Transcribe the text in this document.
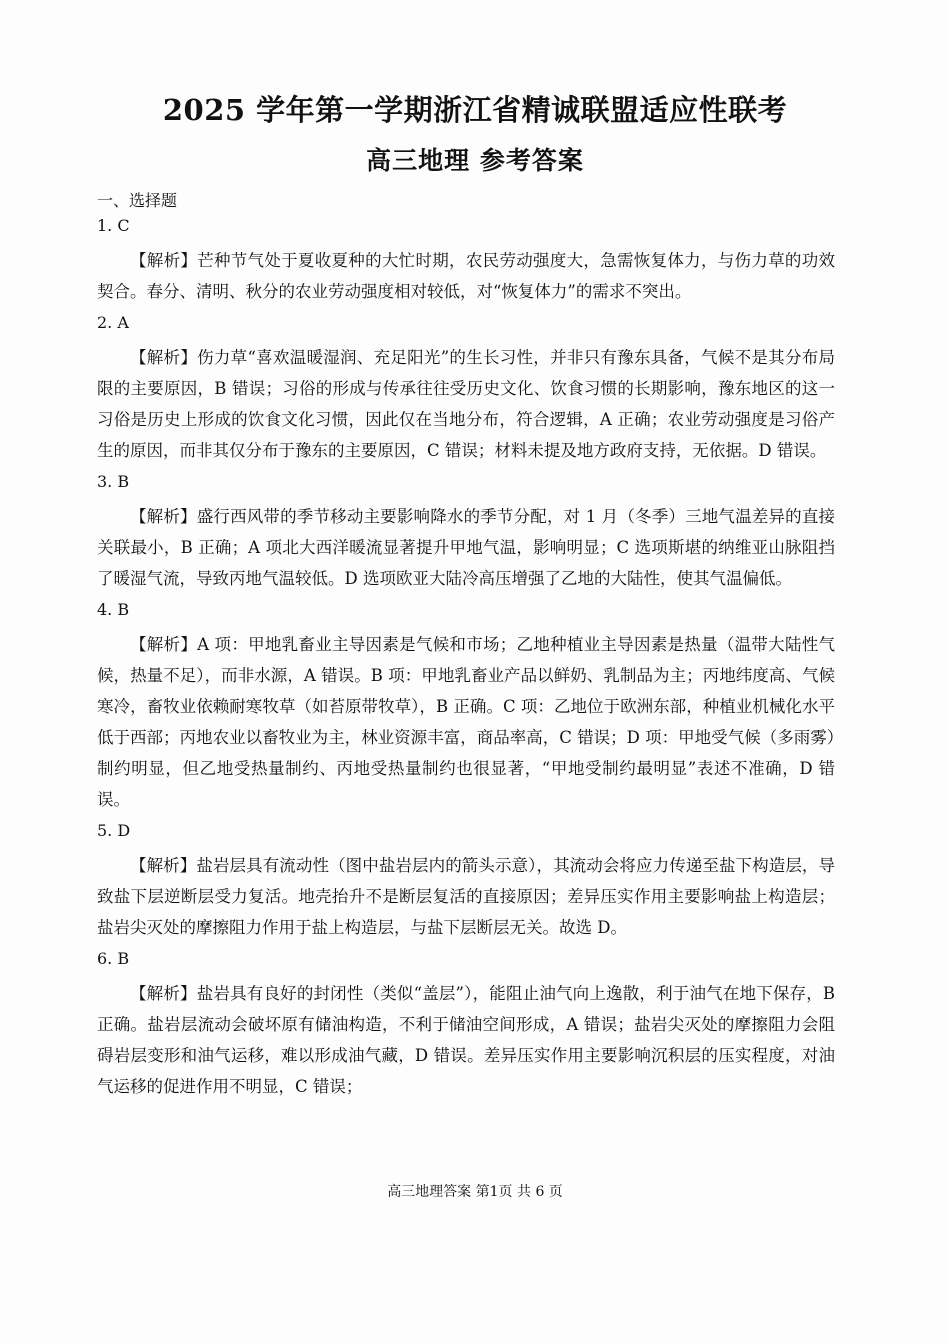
2025 学年第一学期浙江省精诚联盟适应性联考
高三地理 参考答案
一、选择题

1. C

【解析】芒种节气处于夏收夏种的大忙时期，农民劳动强度大，急需恢复体力，与伤力草的功效契合。春分、清明、秋分的农业劳动强度相对较低，对“恢复体力”的需求不突出。

2. A

【解析】伤力草“喜欢温暖湿润、充足阳光”的生长习性，并非只有豫东具备，气候不是其分布局限的主要原因，B 错误；习俗的形成与传承往往受历史文化、饮食习惯的长期影响，豫东地区的这一习俗是历史上形成的饮食文化习惯，因此仅在当地分布，符合逻辑，A 正确；农业劳动强度是习俗产生的原因，而非其仅分布于豫东的主要原因，C 错误；材料未提及地方政府支持，无依据。D 错误。

3. B

【解析】盛行西风带的季节移动主要影响降水的季节分配，对 1 月（冬季）三地气温差异的直接关联最小，B 正确；A 项北大西洋暖流显著提升甲地气温，影响明显；C 选项斯堪的纳维亚山脉阻挡了暖湿气流，导致丙地气温较低。D 选项欧亚大陆冷高压增强了乙地的大陆性，使其气温偏低。

4. B

【解析】A 项：甲地乳畜业主导因素是气候和市场；乙地种植业主导因素是热量（温带大陆性气候，热量不足），而非水源，A 错误。B 项：甲地乳畜业产品以鲜奶、乳制品为主；丙地纬度高、气候寒冷，畜牧业依赖耐寒牧草（如苔原带牧草），B 正确。C 项：乙地位于欧洲东部，种植业机械化水平低于西部；丙地农业以畜牧业为主，林业资源丰富，商品率高，C 错误；D 项：甲地受气候（多雨雾）制约明显，但乙地受热量制约、丙地受热量制约也很显著，“甲地受制约最明显”表述不准确，D 错误。

5. D

【解析】盐岩层具有流动性（图中盐岩层内的箭头示意），其流动会将应力传递至盐下构造层，导致盐下层逆断层受力复活。地壳抬升不是断层复活的直接原因；差异压实作用主要影响盐上构造层；盐岩尖灭处的摩擦阻力作用于盐上构造层，与盐下层断层无关。故选 D。

6. B

【解析】盐岩具有良好的封闭性（类似“盖层”），能阻止油气向上逸散，利于油气在地下保存，B 正确。盐岩层流动会破坏原有储油构造，不利于储油空间形成，A 错误；盐岩尖灭处的摩擦阻力会阻碍岩层变形和油气运移，难以形成油气藏，D 错误。差异压实作用主要影响沉积层的压实程度，对油气运移的促进作用不明显，C 错误；

高三地理答案 第1页 共 6 页
